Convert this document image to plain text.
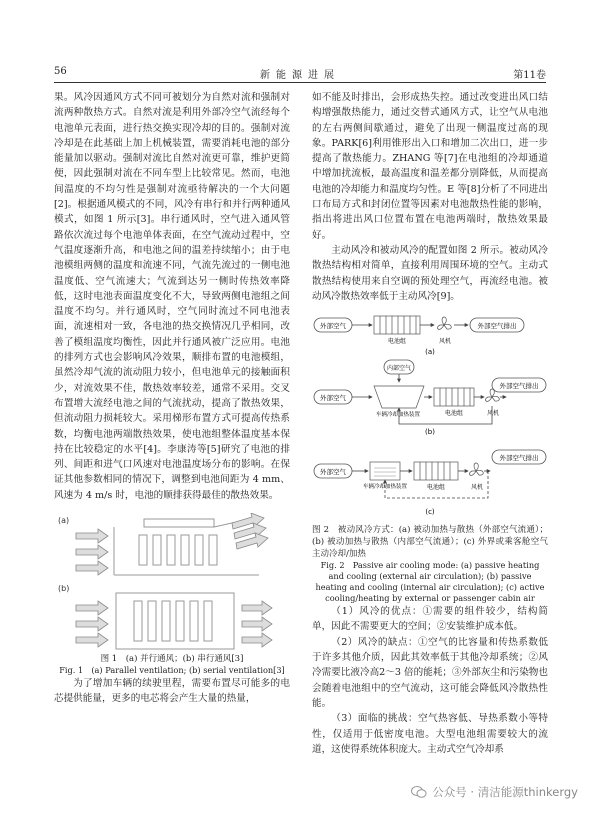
56	新能源进展	第11卷

果。风冷因通风方式不同可被划分为自然对流和强制对流两种散热方式。自然对流是利用外部冷空气流经每个电池单元表面，进行热交换实现冷却的目的。强制对流冷却是在此基础上加上机械装置，需要消耗电池的部分能量加以驱动。强制对流比自然对流更可靠，维护更简便，因此强制对流在不同车型上比较常见。然而，电池间温度的不均匀性是强制对流亟待解决的一个大问题[2]。根据通风模式的不同，风冷有串行和并行两种通风模式，如图 1 所示[3]。串行通风时，空气进入通风管路依次流过每个电池单体表面，在空气流动过程中，空气温度逐渐升高，和电池之间的温差持续缩小；由于电池模组两侧的温度和流速不同，气流先流过的一侧电池温度低、空气流速大；气流到达另一侧时传热效率降低，这时电池表面温度变化不大，导致两侧电池组之间温度不均匀。并行通风时，空气同时流过不同电池表面，流速相对一致，各电池的热交换情况几乎相同，改善了模组温度均衡性，因此并行通风被广泛应用。电池的排列方式也会影响风冷效果，顺排布置的电池模组，虽然冷却气流的流动阻力较小，但电池单元的接触面积少，对流效果不佳，散热效率较差，通常不采用。交叉布置增大流经电池之间的气流扰动，提高了散热效果，但流动阻力损耗较大。采用梯形布置方式可提高传热系数，均衡电池两端散热效果，使电池组整体温度基本保持在比较稳定的水平[4]。李康涛等[5]研究了电池的排列、间距和进气口风速对电池温度场分布的影响。在保证其他参数相同的情况下，调整到电池间距为 4 mm、风速为 4 m/s 时，电池的顺排获得最佳的散热效果。

(a)
(b)

图 1　(a) 并行通风；(b) 串行通风[3]

Fig. 1　(a) Parallel ventilation; (b) serial ventilation[3]

为了增加车辆的续驶里程，需要布置尽可能多的电芯提供能量，更多的电芯将会产生大量的热量，

如不能及时排出，会形成热失控。通过改变进出风口结构增强散热能力，通过交替式通风方式，让空气从电池的左右两侧间歇通过，避免了出现一侧温度过高的现象。PARK[6]利用锥形出入口和增加二次出口，进一步提高了散热能力。ZHANG 等[7]在电池组的冷却通道中增加扰流板，最高温度和温差都分别降低，从而提高电池的冷却能力和温度均匀性。E 等[8]分析了不同进出口布局方式和封闭位置等因素对电池散热性能的影响，指出将进出风口位置布置在电池两端时，散热效果最好。

主动风冷和被动风冷的配置如图 2 所示。被动风冷散热结构相对简单，直接利用周围环境的空气。主动式散热结构使用来自空调的预处理空气，再流经电池。被动风冷散热效率低于主动风冷[9]。

外部空气
电池组	风机
外部空气排出
(a)
内部空气
外部空气
车辆冷却加热装置	电池组	风机
外部空气排出
(b)
外部空气
车辆冷却加热装置	电池组	风机
外部空气排出
(c)

图 2　被动风冷方式：(a) 被动加热与散热（外部空气流通）；(b) 被动加热与散热（内部空气流通）；(c) 外界或乘客舱空气主动冷却/加热

Fig. 2　Passive air cooling mode: (a) passive heating and cooling (external air circulation); (b) passive heating and cooling (internal air circulation); (c) active cooling/heating by external or passenger cabin air

（1）风冷的优点：①需要的组件较少，结构简单，因此不需要更大的空间；②安装维护成本低。

（2）风冷的缺点：①空气的比容量和传热系数低于许多其他介质，因此其效率低于其他冷却系统；②风冷需要比液冷高2～3 倍的能耗；③外部灰尘和污染物也会随着电池组中的空气流动，这可能会降低风冷散热性能。

（3）面临的挑战：空气热容低、导热系数小等特性，仅适用于低密度电池。大型电池组需要较大的流道，这使得系统体积庞大。主动式空气冷却系

公众号 · 清洁能源thinkergy
